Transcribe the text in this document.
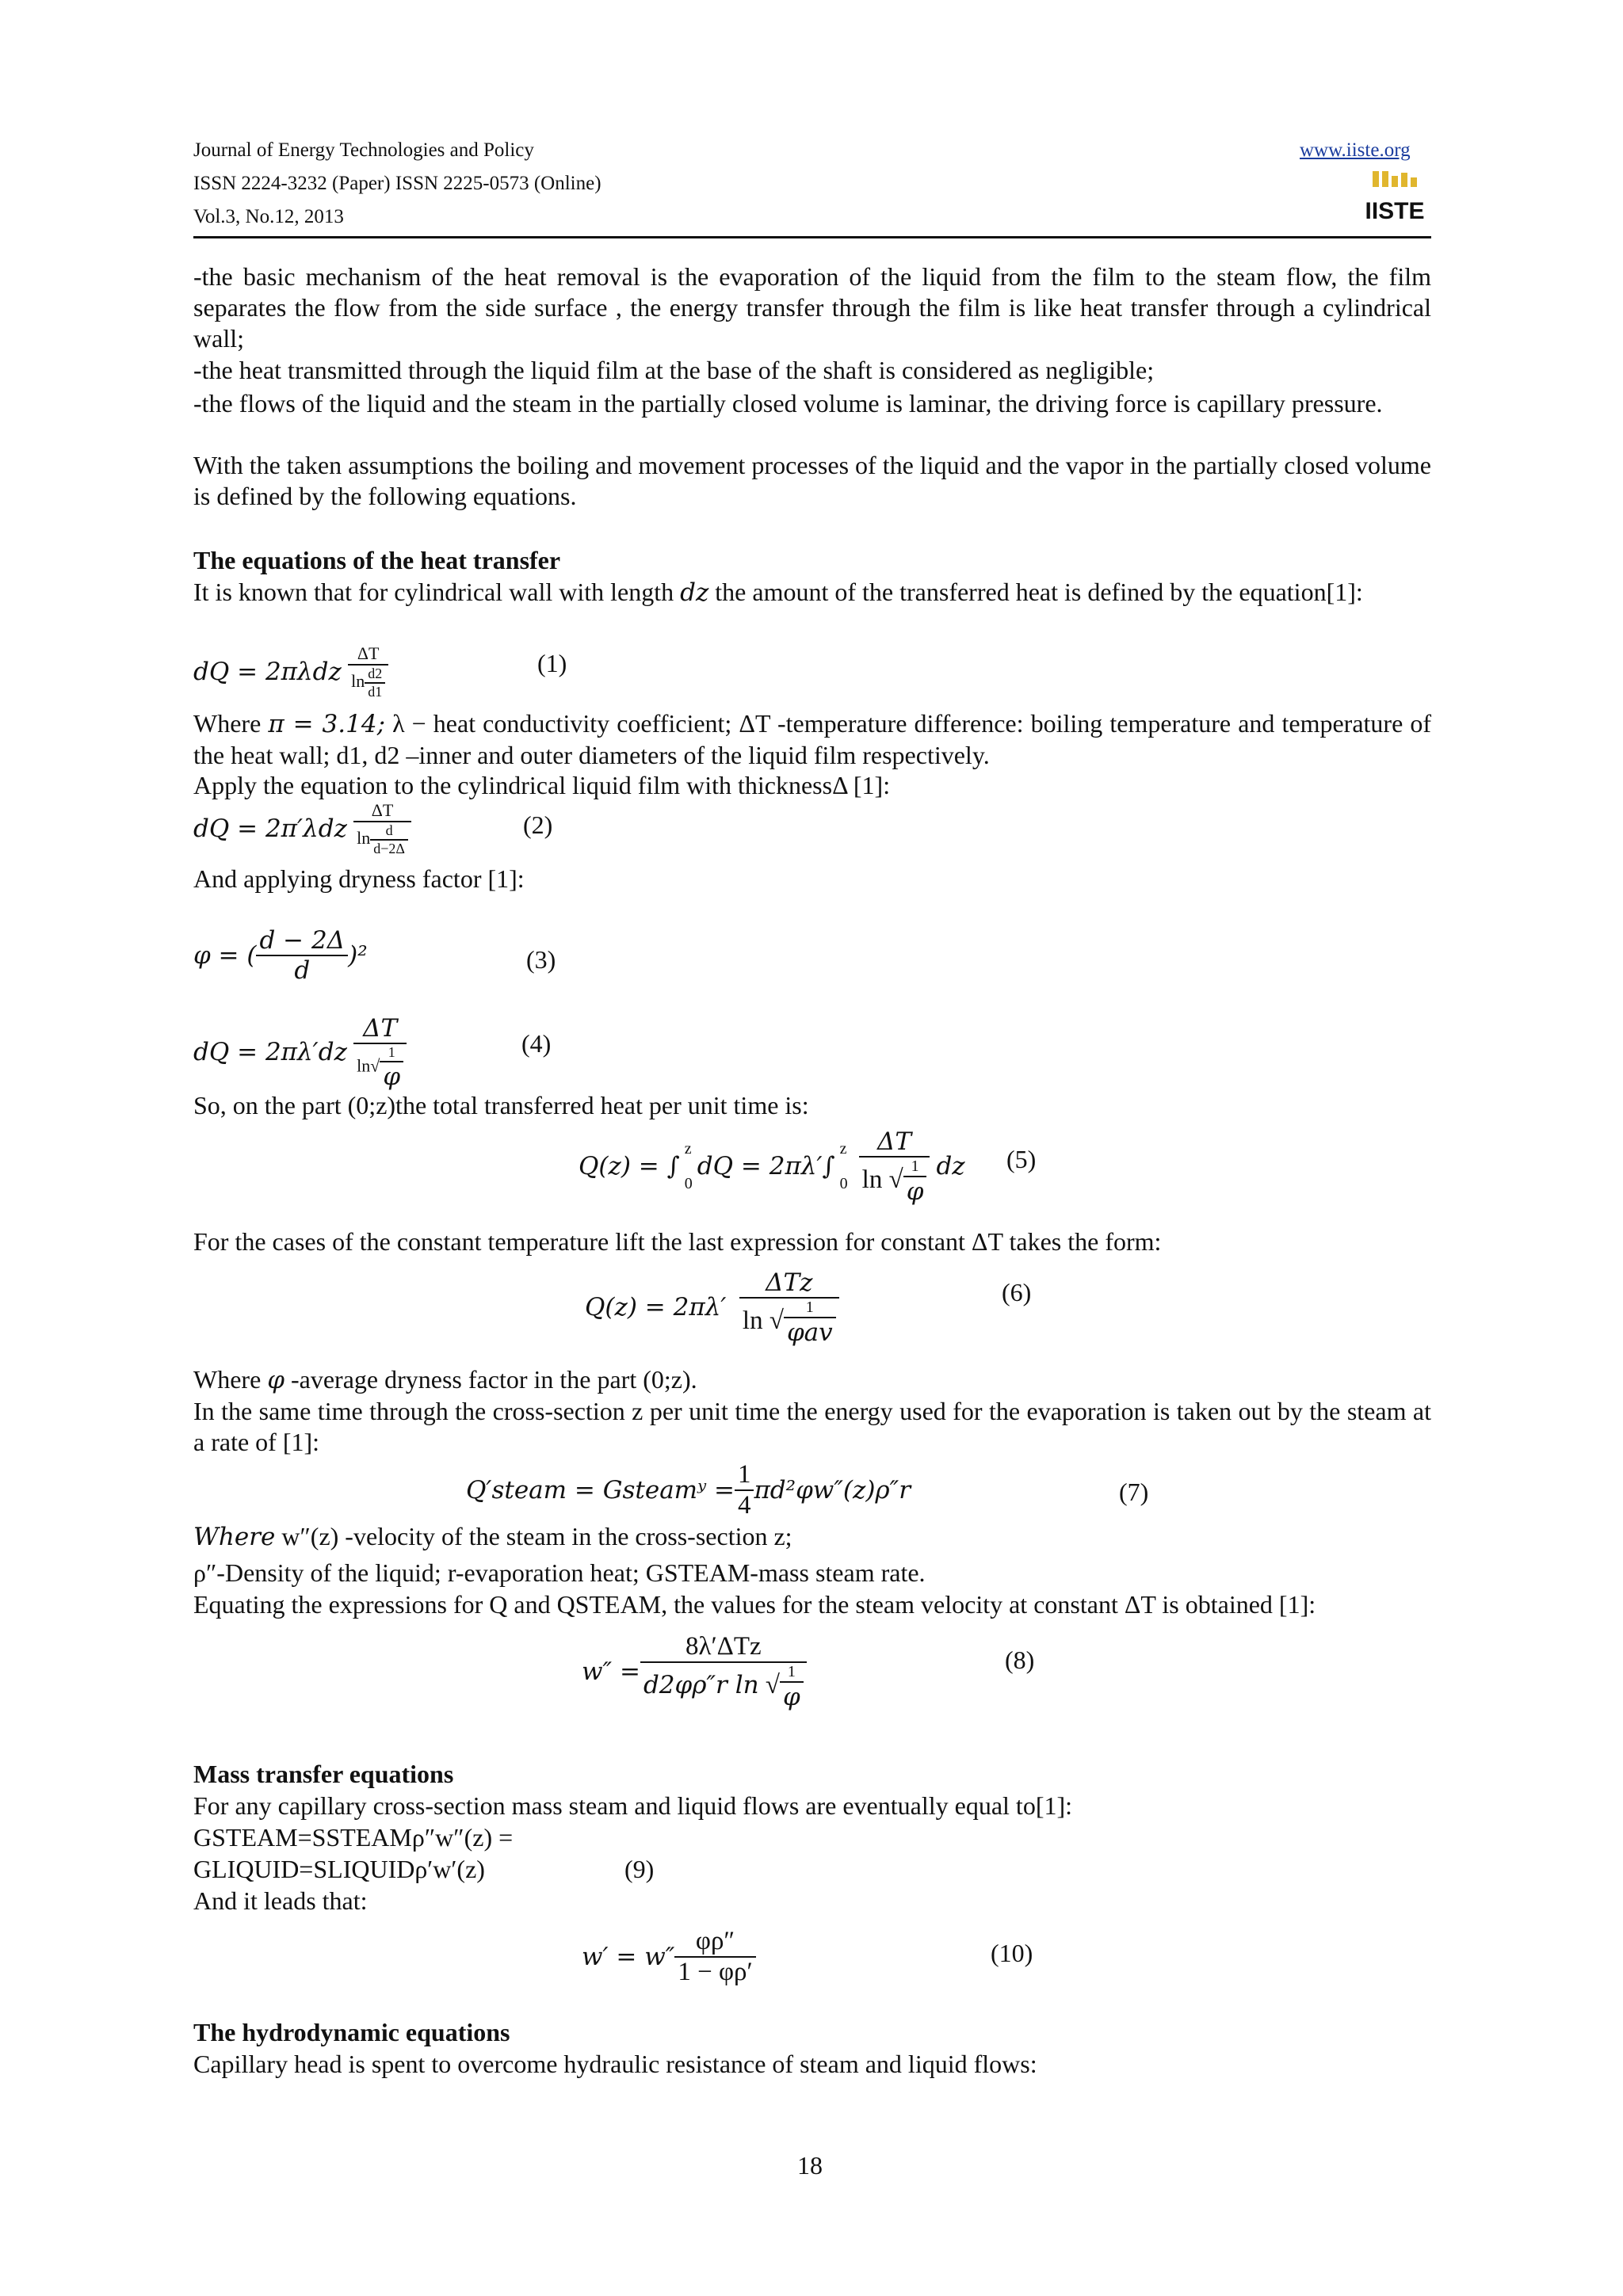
Journal of Energy Technologies and Policy
ISSN 2224-3232 (Paper) ISSN 2225-0573 (Online)
Vol.3, No.12, 2013
www.iiste.org
IISTE
-the basic mechanism of the heat removal is the evaporation of the liquid from the film to the steam flow, the film separates the flow from the side surface , the energy transfer through the film is like heat transfer through a cylindrical wall;
-the heat transmitted through the liquid film at the base of the shaft is considered as negligible;
-the flows of the liquid and the steam in the partially closed volume is laminar, the driving force is capillary pressure.
With the taken assumptions the boiling and movement processes of the liquid and the vapor in the partially closed volume is defined by the following equations.
The equations of the heat transfer
It is known that for cylindrical wall with length dz the amount of the transferred heat is defined by the equation[1]:
dQ = 2πλdz
$\frac{\Delta T}{\ln \frac{d2}{d1}}$	(1)
Where π = 3.14; λ − heat conductivity coefficient; ΔT -temperature difference: boiling temperature and temperature of the heat wall; d1, d2 –inner and outer diameters of the liquid film respectively.
Apply the equation to the cylindrical liquid film with thicknessΔ [1]:
dQ = 2π′λdz
$\frac{\Delta T}{\ln \frac{d}{d-2\Delta}}$	(2)
And applying dryness factor [1]:
φ = ( $\frac{d - 2\Delta}{d} )^2$	(3)
dQ = 2πλ′dz
$\frac{\Delta T}{\ln√ \frac{1}{\varphi}}$	(4)
So, on the part (0;z)the total transferred heat per unit time is:
Q(z) = ∫
z
0
dQ = 2πλ′∫
z
$0 \frac{\Delta T}{\ln √ \frac{1}{\varphi}}$ dz (5)
For the cases of the constant temperature lift the last expression for constant ΔT takes the form:
Q(z) = 2πλ′
$\frac{\text{ΔTz}}{\ln √ \frac{1}{\text{φav}}}$	(6)
Where φ -average dryness factor in the part (0;z).
In the same time through the cross-section z per unit time the energy used for the evaporation is taken out by the steam at a rate of [1]:
Q′steam = Gsteamʸ = $\frac{1}{4} \pi d^2\varphi w''(z)\rho''r$	(7)
Where w″(z) -velocity of the steam in the cross-section z;
ρ″-Density of the liquid; r-evaporation heat; GSTEAM-mass steam rate.
Equating the expressions for Q and QSTEAM, the values for the steam velocity at constant ΔT is obtained [1]:
$w'' = \frac{\text{8λ′ΔTz}}{d2\varphi\rho''r \ln √ \frac{1}{\varphi}}$	(8)
Mass transfer equations
For any capillary cross-section mass steam and liquid flows are eventually equal to[1]:
GSTEAM=SSTEAMρ″w″(z) =
GLIQUID=SLIQUIDρ′w′(z)	(9)
And it leads that:
$w' = w'' \frac{\varphi\rho''}{1 - \varphi\rho'}$	(10)
The hydrodynamic equations
Capillary head is spent to overcome hydraulic resistance of steam and liquid flows:
18
